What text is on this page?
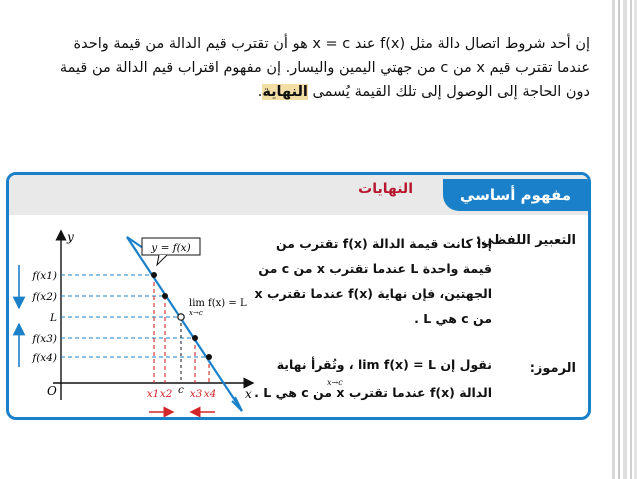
إن أحد شروط اتصال دالة مثل f(x) عند x = c هو أن تقترب قيم الدالة من قيمة واحدة
عندما تقترب قيم x من c من جهتي اليمين واليسار. إن مفهوم اقتراب قيم الدالة من قيمة
دون الحاجة إلى الوصول إلى تلك القيمة يُسمى النهاية.
مفهوم أساسي
النهايات
التعبير اللفظي:
إذا كانت قيمة الدالة f(x) تقترب من
قيمة واحدة L عندما تقترب x من c من
الجهتين، فإن نهاية f(x) عندما تقترب x
من c هي L .
الرموز:
نقول إن lim f(x) = L ، وتُقرأ نهاية
الدالة f(x) عندما تقترب x من c هي L .
x→c
y
x
O
y = f(x)
lim f(x) = L
x→c
f(x1)
f(x2)
L
f(x3)
f(x4)
x1 x2 c x3 x4
